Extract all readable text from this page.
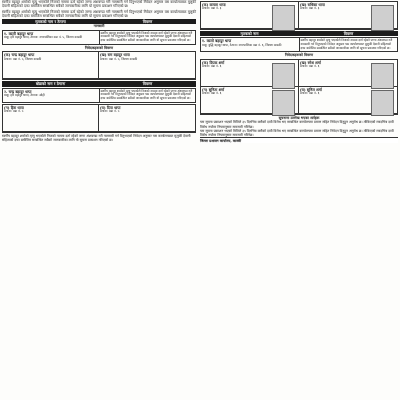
स्वर्गीय बहादुर शर्माको मृत्यु भएकोले निजको नाममा दर्ता रहेको जग्गा अंशबण्डा गरी नामसारी गर्न दिनुभएको निवेदन अनुसार यस कार्यालयबाट मुलुकी देवानी संहिताको दफा बमोजिम सम्बन्धित सबैको जानकारीका लागि यो सूचना प्रकाशन गरिएको छ।

स्वर्गीय बहादुर शर्माको मृत्यु भएकोले निजको नाममा दर्ता रहेको जग्गा अंशबण्डा गरी नामसारी गर्न दिनुभएको निवेदन अनुसार यस कार्यालयबाट मुलुकी देवानी संहिताको दफा बमोजिम सम्बन्धित सबैको जानकारीका लागि यो सूचना प्रकाशन गरिएको छ।

मृतकको नाम र ठेगाना	विवरण
नामसारी
१. काली बहादुर थापा

बाबु: हरि बहादुर थापा, ठेगाना: नगरपालिका वडा नं. ५, जिल्ला कास्की

स्वर्गीय बहादुर शर्माको मृत्यु भएकोले निजको नाममा दर्ता रहेको जग्गा अंशबण्डा गरी नामसारी गर्न दिनुभएको निवेदन अनुसार यस कार्यालयबाट मुलुकी देवानी संहिताको दफा बमोजिम सम्बन्धित सबैको जानकारीका लागि यो सूचना प्रकाशन गरिएको छ।

निवेदकहरूको विवरण
(क) चन्द्र बहादुर थापा

ठेगाना: वडा नं. ५, जिल्ला कास्की

(ख) राम बहादुर थापा

ठेगाना: वडा नं. ५, जिल्ला कास्की

बोडाको नाम र ठेगाना	विवरण
२. चन्द्र बहादुर थापा

बाबु: हरि बहादुर थापा, ठेगाना: सोही

स्वर्गीय बहादुर शर्माको मृत्यु भएकोले निजको नाममा दर्ता रहेको जग्गा अंशबण्डा गरी नामसारी गर्न दिनुभएको निवेदन अनुसार यस कार्यालयबाट मुलुकी देवानी संहिताको दफा बमोजिम सम्बन्धित सबैको जानकारीका लागि यो सूचना प्रकाशन गरिएको छ।

(ग) हिरा थापा

ठेगाना: वडा नं. ५

(घ) दिपा थापा

ठेगाना: वडा नं. ५

स्वर्गीय बहादुर शर्माको मृत्यु भएकोले निजको नाममा दर्ता रहेको जग्गा अंशबण्डा गरी नामसारी गर्न दिनुभएको निवेदन अनुसार यस कार्यालयबाट मुलुकी देवानी संहिताको दफा बमोजिम सम्बन्धित सबैको जानकारीका लागि यो सूचना प्रकाशन गरिएको छ।

(क) कमला थापा

ठेगाना: वडा नं. ३

(ख) राधिका थापा

ठेगाना: वडा नं. ३

मृतकको नाम	विवरण
१. कालो बहादुर थापा

बाबु: बुद्धि बहादुर थापा, ठेगाना: नगरपालिका वडा नं. ६, जिल्ला कास्की

स्वर्गीय बहादुर शर्माको मृत्यु भएकोले निजको नाममा दर्ता रहेको जग्गा अंशबण्डा गरी नामसारी गर्न दिनुभएको निवेदन अनुसार यस कार्यालयबाट मुलुकी देवानी संहिताको दफा बमोजिम सम्बन्धित सबैको जानकारीका लागि यो सूचना प्रकाशन गरिएको छ।

निवेदकहरूको विवरण
(क) दिपक शर्मा

ठेगाना: वडा नं. ६

(ख) रमेश शर्मा

ठेगाना: वडा नं. ६

(ग) सुनिता शर्मा

ठेगाना: वडा नं. ६

(घ) सुनिल शर्मा

ठेगाना: वडा नं. ६

सूचनामा उल्लेख भएका शर्तहरू

यस सूचना प्रकाशन भएको मितिले ३५ दिनभित्र कसैको दावी विरोध भए सम्बन्धित कार्यालयमा प्रमाण सहित निवेदन दिनुहुन अनुरोध छ। तोकिएको म्यादभित्र दावी विरोध नपरेमा नियमानुसार नामसारी गरिनेछ।

यस सूचना प्रकाशन भएको मितिले ३५ दिनभित्र कसैको दावी विरोध भए सम्बन्धित कार्यालयमा प्रमाण सहित निवेदन दिनुहुन अनुरोध छ। तोकिएको म्यादभित्र दावी विरोध नपरेमा नियमानुसार नामसारी गरिनेछ।

जिल्ला प्रशासन कार्यालय, कास्की
